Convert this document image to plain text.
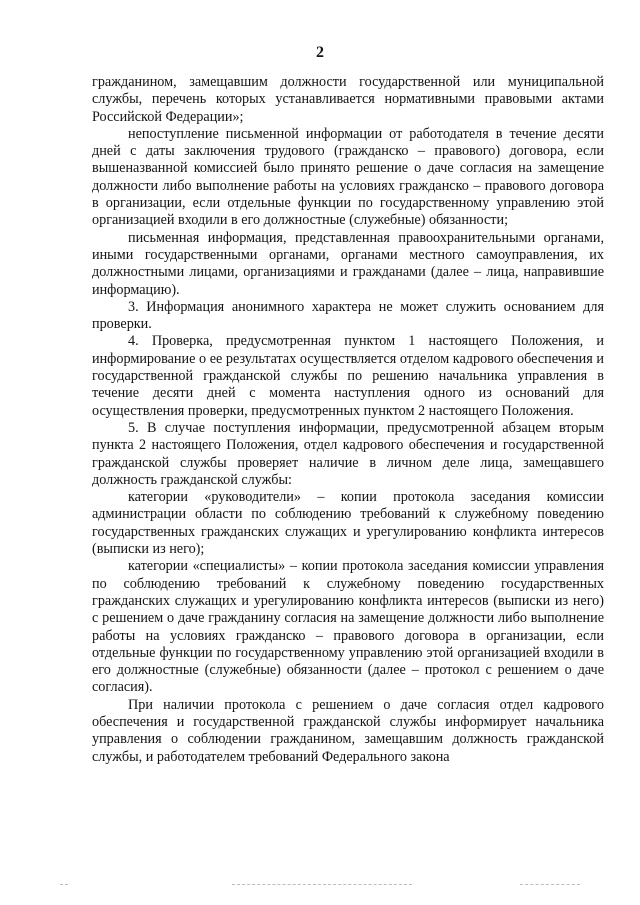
2

гражданином, замещавшим должности государственной или муниципальной службы, перечень которых устанавливается нормативными правовыми актами Российской Федерации»;

непоступление письменной информации от работодателя в течение десяти дней с даты заключения трудового (гражданско – правового) договора, если вышеназванной комиссией было принято решение о даче согласия на замещение должности либо выполнение работы на условиях гражданско – правового договора в организации, если отдельные функции по государственному управлению этой организацией входили в его должностные (служебные) обязанности;

письменная информация, представленная правоохранительными органами, иными государственными органами, органами местного самоуправления, их должностными лицами, организациями и гражданами (далее – лица, направившие информацию).

3. Информация анонимного характера не может служить основанием для проверки.

4. Проверка, предусмотренная пунктом 1 настоящего Положения, и информирование о ее результатах осуществляется отделом кадрового обеспечения и государственной гражданской службы по решению начальника управления в течение десяти дней с момента наступления одного из оснований для осуществления проверки, предусмотренных пунктом 2 настоящего Положения.

5. В случае поступления информации, предусмотренной абзацем вторым пункта 2 настоящего Положения, отдел кадрового обеспечения и государственной гражданской службы проверяет наличие в личном деле лица, замещавшего должность гражданской службы:

категории «руководители» – копии протокола заседания комиссии администрации области по соблюдению требований к служебному поведению государственных гражданских служащих и урегулированию конфликта интересов (выписки из него);

категории «специалисты» – копии протокола заседания комиссии управления по соблюдению требований к служебному поведению государственных гражданских служащих и урегулированию конфликта интересов (выписки из него) с решением о даче гражданину согласия на замещение должности либо выполнение работы на условиях гражданско – правового договора в организации, если отдельные функции по государственному управлению этой организацией входили в его должностные (служебные) обязанности (далее – протокол с решением о даче согласия).

При наличии протокола с решением о даче согласия отдел кадрового обеспечения и государственной гражданской службы информирует начальника управления о соблюдении гражданином, замещавшим должность гражданской службы, и работодателем требований Федерального закона
